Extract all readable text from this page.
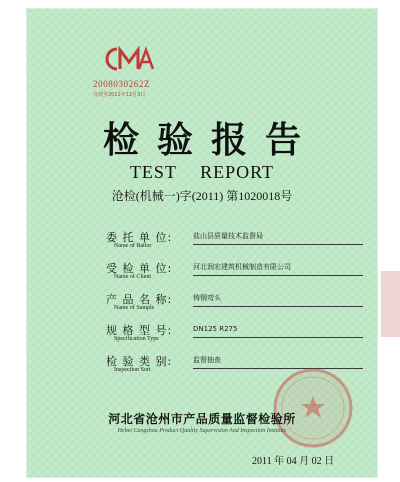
2008030262Z
有效至2011年12月3日
检验报告
TEST REPORT
沧检(机械一)字(2011) 第1020018号
委 托 单 位:
Name of Bailor
盐山县质量技术监督局
受 检 单 位:
Name of Client
河北润宏建筑机械制造有限公司
产 品 名 称:
Name of Sample
铸钢弯头
规 格 型 号:
Specification Type
DN125 R275
检 验 类 别:
Inspection Sort
监督抽查
河北省沧州市产品质量监督检验所
Hebei Cangzhou Product Quality Supervision And Inspection Institute
2011 年 04 月 02 日
